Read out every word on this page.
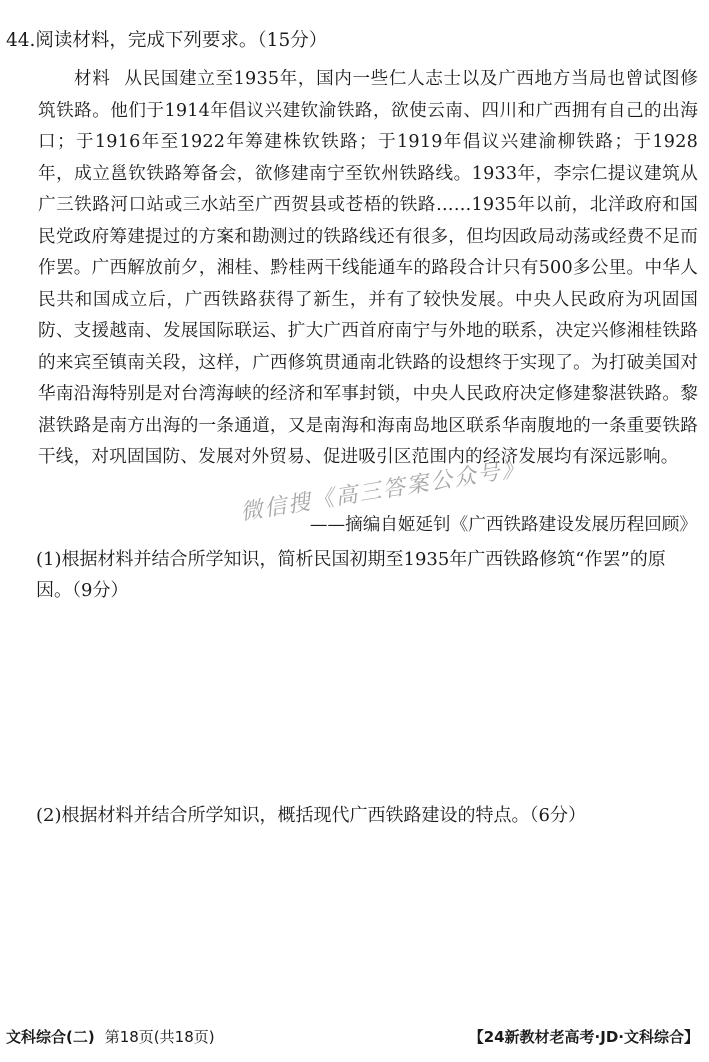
44.阅读材料，完成下列要求。（15分）
材料 从民国建立至1935年，国内一些仁人志士以及广西地方当局也曾试图修筑铁路。他们于1914年倡议兴建钦渝铁路，欲使云南、四川和广西拥有自己的出海口；于1916年至1922年筹建株钦铁路；于1919年倡议兴建渝柳铁路；于1928年，成立邕钦铁路筹备会，欲修建南宁至钦州铁路线。1933年，李宗仁提议建筑从广三铁路河口站或三水站至广西贺县或苍梧的铁路……1935年以前，北洋政府和国民党政府筹建提过的方案和勘测过的铁路线还有很多，但均因政局动荡或经费不足而作罢。广西解放前夕，湘桂、黔桂两干线能通车的路段合计只有500多公里。中华人民共和国成立后，广西铁路获得了新生，并有了较快发展。中央人民政府为巩固国防、支援越南、发展国际联运、扩大广西首府南宁与外地的联系，决定兴修湘桂铁路的来宾至镇南关段，这样，广西修筑贯通南北铁路的设想终于实现了。为打破美国对华南沿海特别是对台湾海峡的经济和军事封锁，中央人民政府决定修建黎湛铁路。黎湛铁路是南方出海的一条通道，又是南海和海南岛地区联系华南腹地的一条重要铁路干线，对巩固国防、发展对外贸易、促进吸引区范围内的经济发展均有深远影响。
——摘编自姬延钊《广西铁路建设发展历程回顾》
微信搜《高三答案公众号》
(1)根据材料并结合所学知识，简析民国初期至1935年广西铁路修筑“作罢”的原因。（9分）
(2)根据材料并结合所学知识，概括现代广西铁路建设的特点。（6分）
文科综合(二) 第18页(共18页)	【24新教材老高考·JD·文科综合】
